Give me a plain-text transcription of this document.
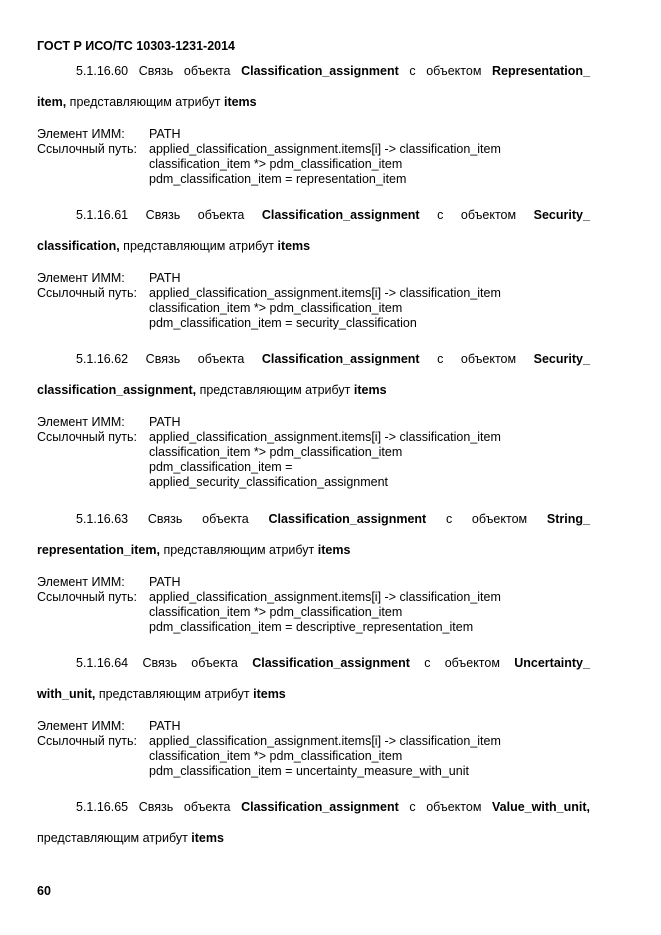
ГОСТ Р ИСО/ТС 10303-1231-2014
5.1.16.60 Связь объекта Classification_assignment с объектом Representation_
item, представляющим атрибут items
Элемент ИММ: PATH
Ссылочный путь: applied_classification_assignment.items[i] -> classification_item
classification_item *> pdm_classification_item
pdm_classification_item = representation_item
5.1.16.61 Связь объекта Classification_assignment с объектом Security_
classification, представляющим атрибут items
Элемент ИММ: PATH
Ссылочный путь: applied_classification_assignment.items[i] -> classification_item
classification_item *> pdm_classification_item
pdm_classification_item = security_classification
5.1.16.62 Связь объекта Classification_assignment с объектом Security_
classification_assignment, представляющим атрибут items
Элемент ИММ: PATH
Ссылочный путь: applied_classification_assignment.items[i] -> classification_item
classification_item *> pdm_classification_item
pdm_classification_item =
applied_security_classification_assignment
5.1.16.63 Связь объекта Classification_assignment с объектом String_
representation_item, представляющим атрибут items
Элемент ИММ: PATH
Ссылочный путь: applied_classification_assignment.items[i] -> classification_item
classification_item *> pdm_classification_item
pdm_classification_item = descriptive_representation_item
5.1.16.64 Связь объекта Classification_assignment с объектом Uncertainty_
with_unit, представляющим атрибут items
Элемент ИММ: PATH
Ссылочный путь: applied_classification_assignment.items[i] -> classification_item
classification_item *> pdm_classification_item
pdm_classification_item = uncertainty_measure_with_unit
5.1.16.65 Связь объекта Classification_assignment с объектом Value_with_unit,
представляющим атрибут items
60
